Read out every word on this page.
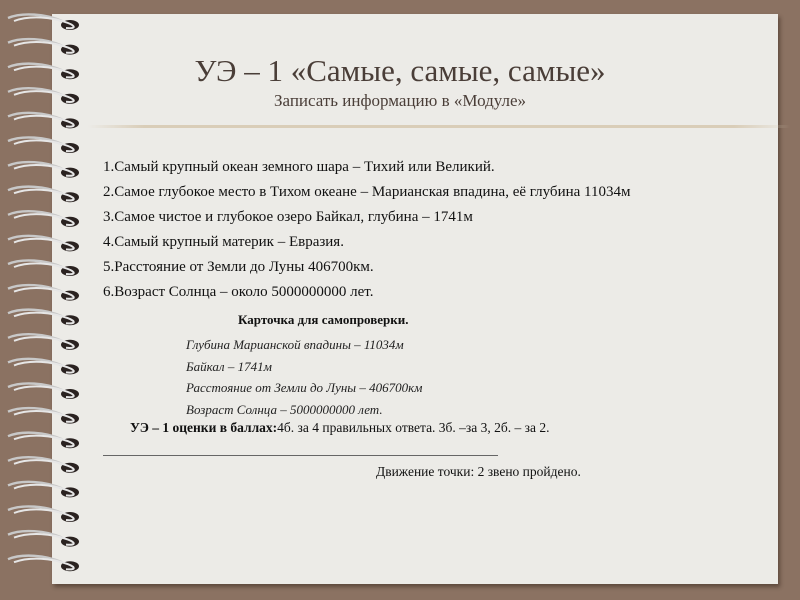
УЭ – 1 «Самые, самые, самые»
Записать информацию в «Модуле»
1.Самый крупный океан земного шара – Тихий или Великий.
2.Самое глубокое место в Тихом океане – Марианская впадина, её глубина 11034м
3.Самое чистое и глубокое озеро Байкал, глубина – 1741м
4.Самый крупный материк – Евразия.
5.Расстояние от Земли до Луны 406700км.
6.Возраст Солнца – около 5000000000 лет.
Карточка для самопроверки.
Глубина Марианской впадины – 11034м
Байкал – 1741м
Расстояние от Земли до Луны – 406700км
Возраст Солнца – 5000000000 лет.
УЭ – 1 оценки в баллах:4б. за 4 правильных ответа. 3б. –за 3, 2б. – за 2.
Движение точки: 2 звено пройдено.
